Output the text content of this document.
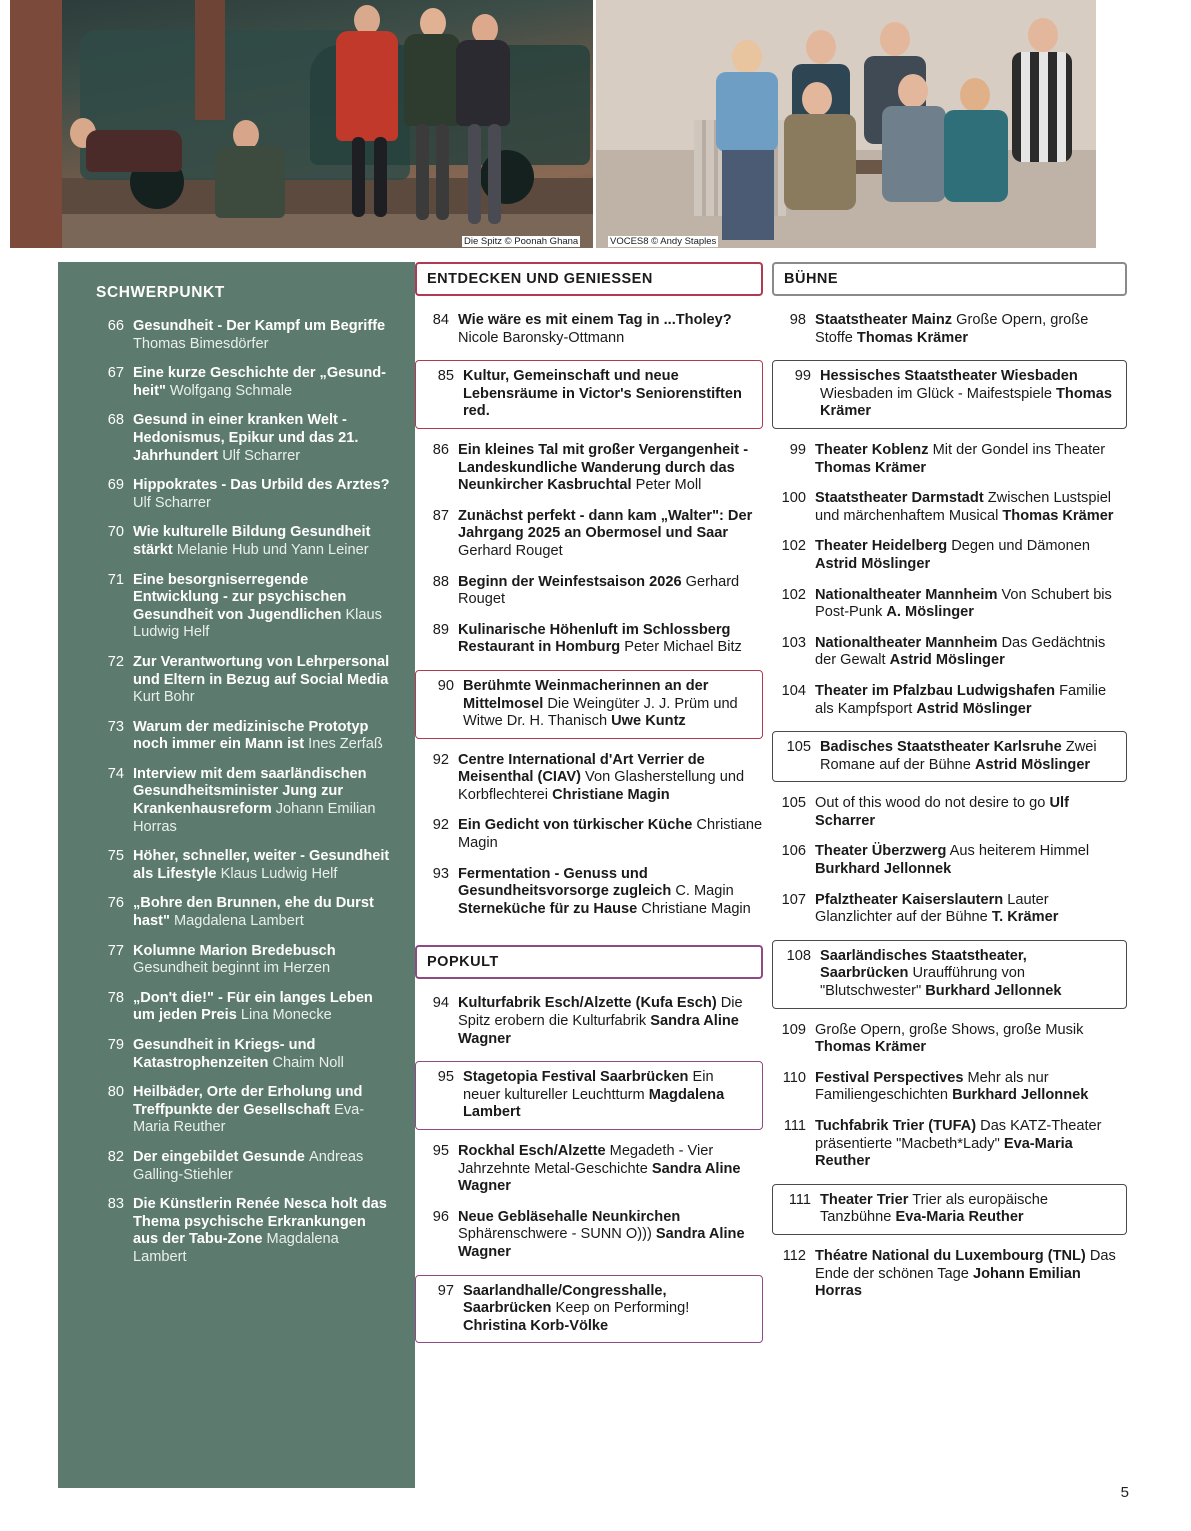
Die Spitz © Poonah Ghana	VOCES8 © Andy Staples
SCHWERPUNKT
66 Gesundheit - Der Kampf um Begriffe Thomas Bimesdörfer
67 Eine kurze Geschichte der „Gesund-heit" Wolfgang Schmale
68 Gesund in einer kranken Welt - Hedonismus, Epikur und das 21. Jahrhundert Ulf Scharrer
69 Hippokrates - Das Urbild des Arztes? Ulf Scharrer
70 Wie kulturelle Bildung Gesundheit stärkt Melanie Hub und Yann Leiner
71 Eine besorgniserregende Entwicklung - zur psychischen Gesundheit von Jugendlichen Klaus Ludwig Helf
72 Zur Verantwortung von Lehrpersonal und Eltern in Bezug auf Social Media Kurt Bohr
73 Warum der medizinische Prototyp noch immer ein Mann ist Ines Zerfaß
74 Interview mit dem saarländischen Gesundheitsminister Jung zur Krankenhausreform Johann Emilian Horras
75 Höher, schneller, weiter - Gesundheit als Lifestyle Klaus Ludwig Helf
76 „Bohre den Brunnen, ehe du Durst hast" Magdalena Lambert
77 Kolumne Marion Bredebusch Gesundheit beginnt im Herzen
78 „Don't die!" - Für ein langes Leben um jeden Preis Lina Monecke
79 Gesundheit in Kriegs- und Katastrophenzeiten Chaim Noll
80 Heilbäder, Orte der Erholung und Treffpunkte der Gesellschaft Eva-Maria Reuther
82 Der eingebildet Gesunde Andreas Galling-Stiehler
83 Die Künstlerin Renée Nesca holt das Thema psychische Erkrankungen aus der Tabu-Zone Magdalena Lambert
ENTDECKEN UND GENIESSEN
84 Wie wäre es mit einem Tag in ...Tholey? Nicole Baronsky-Ottmann
85 Kultur, Gemeinschaft und neue Lebensräume in Victor's Seniorenstiften red.
86 Ein kleines Tal mit großer Vergangenheit - Landeskundliche Wanderung durch das Neunkircher Kasbruchtal Peter Moll
87 Zunächst perfekt - dann kam „Walter": Der Jahrgang 2025 an Obermosel und Saar Gerhard Rouget
88 Beginn der Weinfestsaison 2026 Gerhard Rouget
89 Kulinarische Höhenluft im Schlossberg Restaurant in Homburg Peter Michael Bitz
90 Berühmte Weinmacherinnen an der Mittelmosel Die Weingüter J. J. Prüm und Witwe Dr. H. Thanisch Uwe Kuntz
92 Centre International d'Art Verrier de Meisenthal (CIAV) Von Glasherstellung und Korbflechterei Christiane Magin
92 Ein Gedicht von türkischer Küche Christiane Magin
93 Fermentation - Genuss und Gesundheitsvorsorge zugleich C. Magin Sterneküche für zu Hause Christiane Magin
POPKULT
94 Kulturfabrik Esch/Alzette (Kufa Esch) Die Spitz erobern die Kulturfabrik Sandra Aline Wagner
95 Stagetopia Festival Saarbrücken Ein neuer kultureller Leuchtturm Magdalena Lambert
95 Rockhal Esch/Alzette Megadeth - Vier Jahrzehnte Metal-Geschichte Sandra Aline Wagner
96 Neue Gebläsehalle Neunkirchen Sphärenschwere - SUNN O))) Sandra Aline Wagner
97 Saarlandhalle/Congresshalle, Saarbrücken Keep on Performing! Christina Korb-Völke
BÜHNE
98 Staatstheater Mainz Große Opern, große Stoffe Thomas Krämer
99 Hessisches Staatstheater Wiesbaden Wiesbaden im Glück - Maifestspiele Thomas Krämer
99 Theater Koblenz Mit der Gondel ins Theater Thomas Krämer
100 Staatstheater Darmstadt Zwischen Lustspiel und märchenhaftem Musical Thomas Krämer
102 Theater Heidelberg Degen und Dämonen Astrid Möslinger
102 Nationaltheater Mannheim Von Schubert bis Post-Punk A. Möslinger
103 Nationaltheater Mannheim Das Gedächtnis der Gewalt Astrid Möslinger
104 Theater im Pfalzbau Ludwigshafen Familie als Kampfsport Astrid Möslinger
105 Badisches Staatstheater Karlsruhe Zwei Romane auf der Bühne Astrid Möslinger
105 Out of this wood do not desire to go Ulf Scharrer
106 Theater Überzwerg Aus heiterem Himmel Burkhard Jellonnek
107 Pfalztheater Kaiserslautern Lauter Glanzlichter auf der Bühne T. Krämer
108 Saarländisches Staatstheater, Saarbrücken Uraufführung von "Blutschwester" Burkhard Jellonnek
109 Große Opern, große Shows, große Musik Thomas Krämer
110 Festival Perspectives Mehr als nur Familiengeschichten Burkhard Jellonnek
111 Tuchfabrik Trier (TUFA) Das KATZ-Theater präsentierte "Macbeth*Lady" Eva-Maria Reuther
111 Theater Trier Trier als europäische Tanzbühne Eva-Maria Reuther
112 Théatre National du Luxembourg (TNL) Das Ende der schönen Tage Johann Emilian Horras
5
